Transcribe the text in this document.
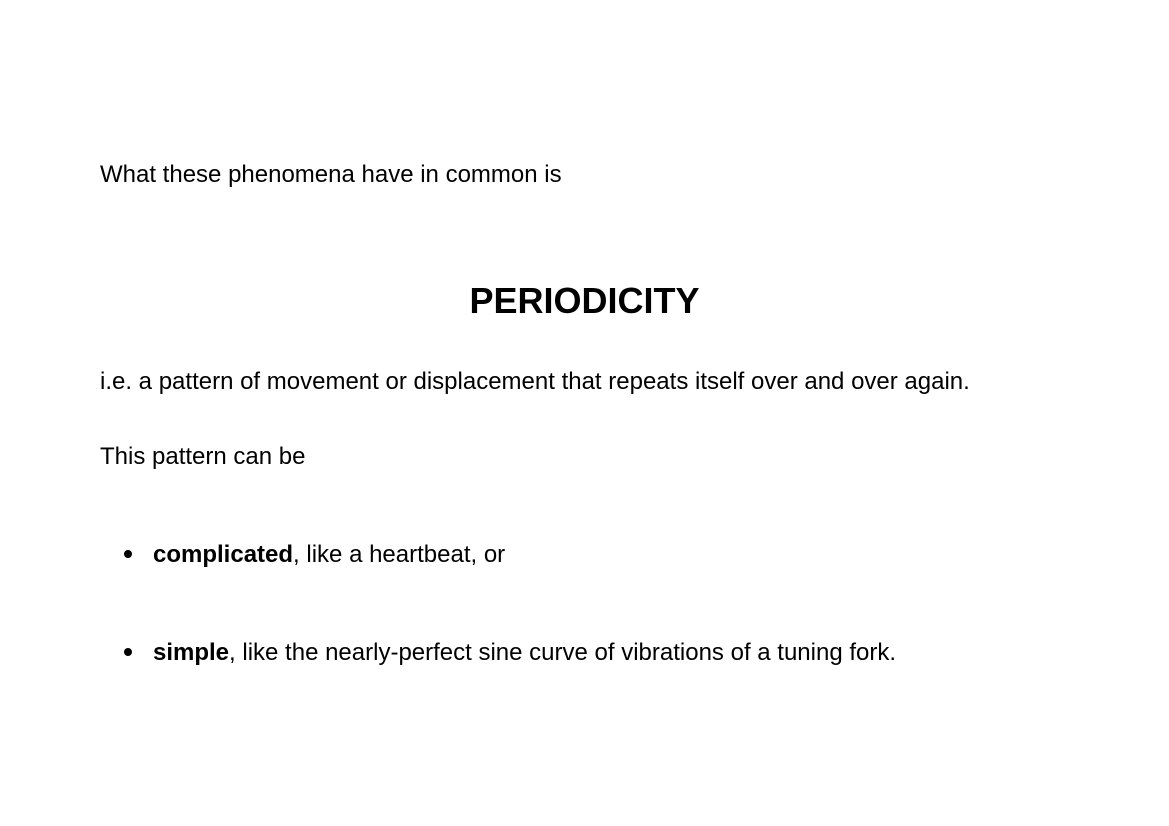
What these phenomena have in common is
PERIODICITY
i.e. a pattern of movement or displacement that repeats itself over and over again.
This pattern can be
complicated, like a heartbeat, or
simple, like the nearly-perfect sine curve of vibrations of a tuning fork.
